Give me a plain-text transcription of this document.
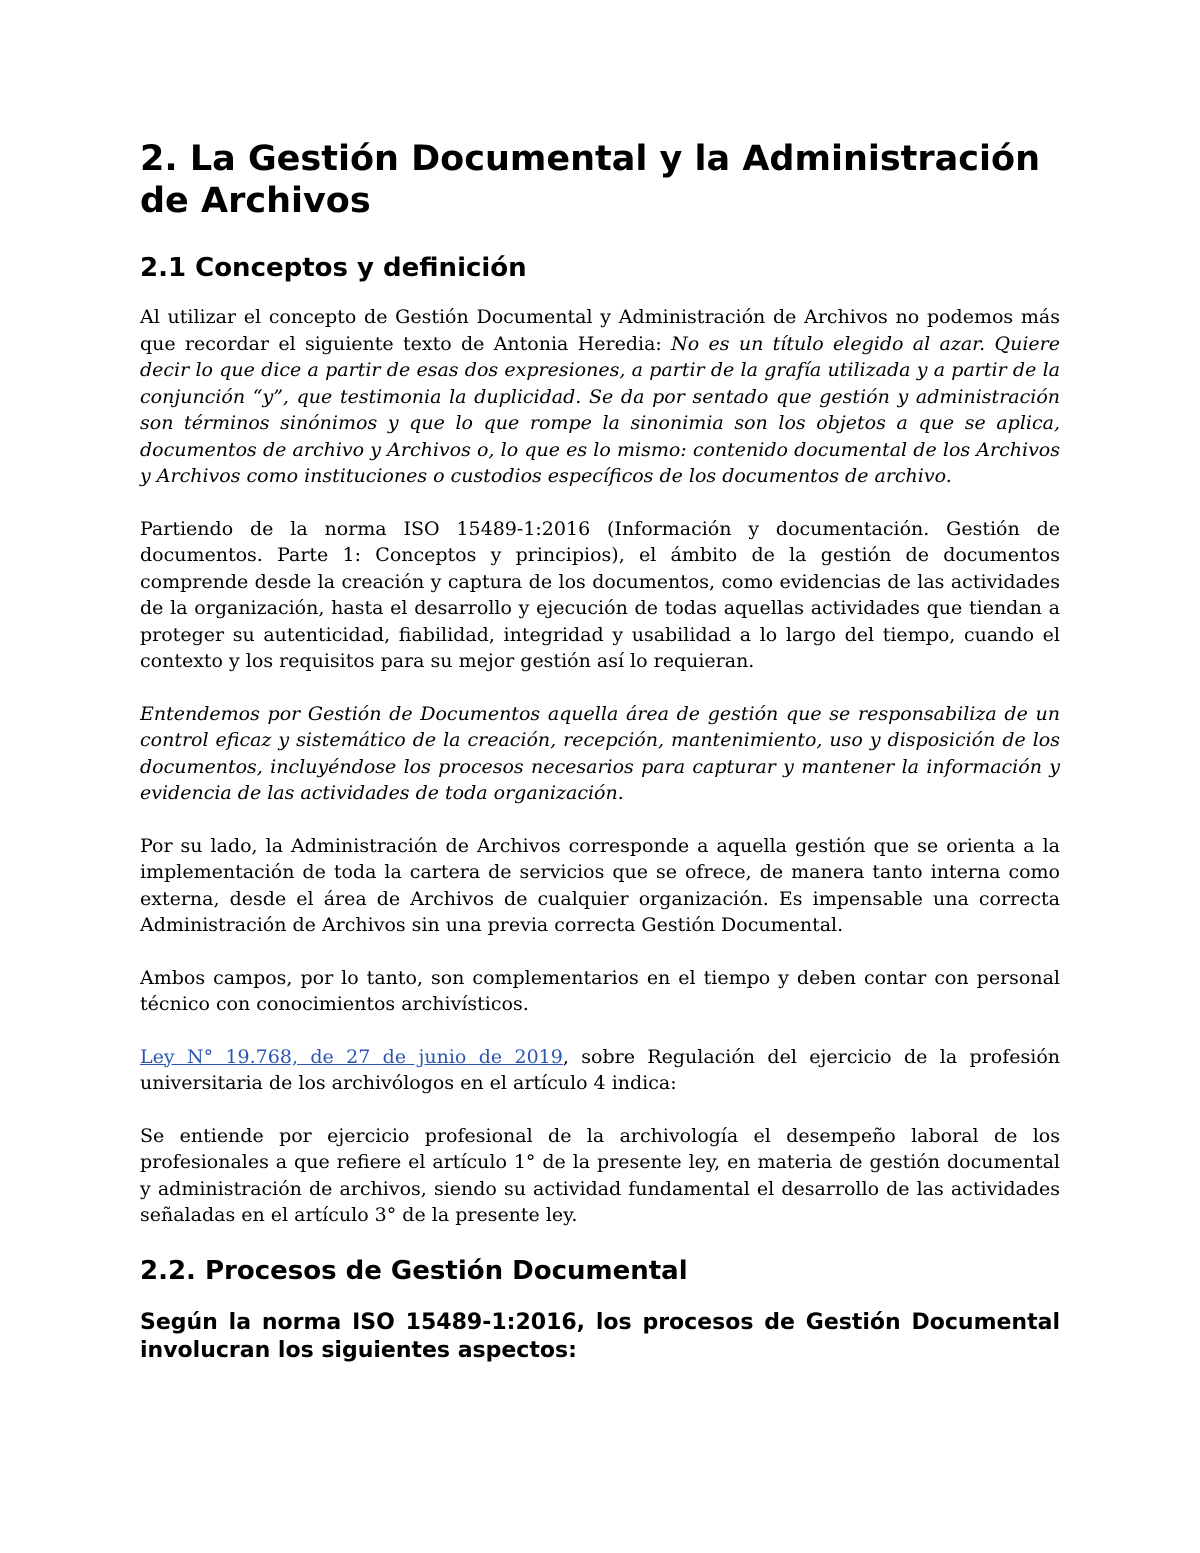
2. La Gestión Documental y la Administración de Archivos
2.1 Conceptos y definición

Al utilizar el concepto de Gestión Documental y Administración de Archivos no podemos más que recordar el siguiente texto de Antonia Heredia: No es un título elegido al azar. Quiere decir lo que dice a partir de esas dos expresiones, a partir de la grafía utilizada y a partir de la conjunción “y”, que testimonia la duplicidad. Se da por sentado que gestión y administración son términos sinónimos y que lo que rompe la sinonimia son los objetos a que se aplica, documentos de archivo y Archivos o, lo que es lo mismo: contenido documental de los Archivos y Archivos como instituciones o custodios específicos de los documentos de archivo.

Partiendo de la norma ISO 15489-1:2016 (Información y documentación. Gestión de documentos. Parte 1: Conceptos y principios), el ámbito de la gestión de documentos comprende desde la creación y captura de los documentos, como evidencias de las actividades de la organización, hasta el desarrollo y ejecución de todas aquellas actividades que tiendan a proteger su autenticidad, fiabilidad, integridad y usabilidad a lo largo del tiempo, cuando el contexto y los requisitos para su mejor gestión así lo requieran.

Entendemos por Gestión de Documentos aquella área de gestión que se responsabiliza de un control eficaz y sistemático de la creación, recepción, mantenimiento, uso y disposición de los documentos, incluyéndose los procesos necesarios para capturar y mantener la información y evidencia de las actividades de toda organización.

Por su lado, la Administración de Archivos corresponde a aquella gestión que se orienta a la implementación de toda la cartera de servicios que se ofrece, de manera tanto interna como externa, desde el área de Archivos de cualquier organización. Es impensable una correcta Administración de Archivos sin una previa correcta Gestión Documental.

Ambos campos, por lo tanto, son complementarios en el tiempo y deben contar con personal técnico con conocimientos archivísticos.

Ley N° 19.768, de 27 de junio de 2019, sobre Regulación del ejercicio de la profesión universitaria de los archivólogos en el artículo 4 indica:

Se entiende por ejercicio profesional de la archivología el desempeño laboral de los profesionales a que refiere el artículo 1° de la presente ley, en materia de gestión documental y administración de archivos, siendo su actividad fundamental el desarrollo de las actividades señaladas en el artículo 3° de la presente ley.

2.2. Procesos de Gestión Documental

Según la norma ISO 15489-1:2016, los procesos de Gestión Documental involucran los siguientes aspectos:
